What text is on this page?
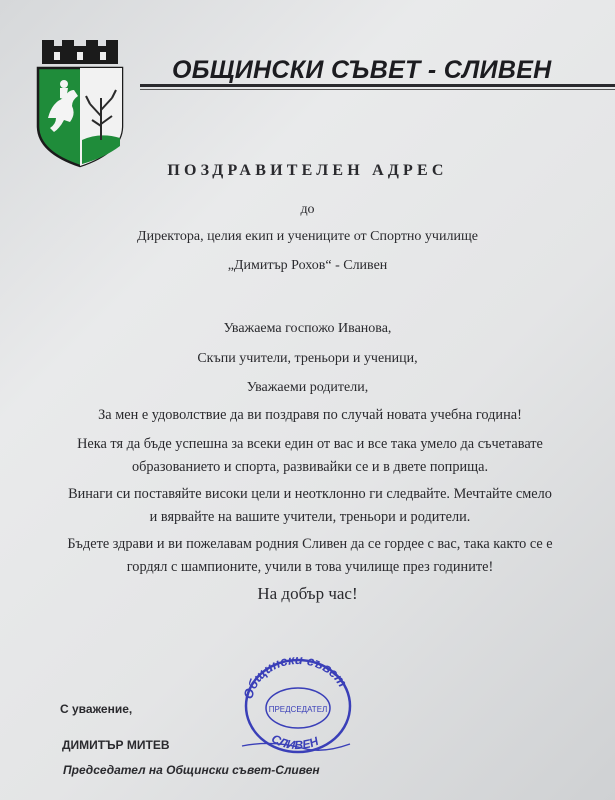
ОБЩИНСКИ СЪВЕТ - СЛИВЕН
ПОЗДРАВИТЕЛЕН АДРЕС
до
Директора, целия екип и учениците от Спортно училище
„Димитър Рохов“ - Сливен
Уважаема госпожо Иванова,
Скъпи учители, треньори и ученици,
Уважаеми родители,
За мен е удоволствие да ви поздравя по случай новата учебна година!
Нека тя да бъде успешна за всеки един от вас и все така умело да съчетавате образованието и спорта, развивайки се и в двете поприща.
Винаги си поставяйте високи цели и неотклонно ги следвайте. Мечтайте смело и вярвайте на вашите учители, треньори и родители.
Бъдете здрави и ви пожелавам родния Сливен да се гордее с вас, така както се е гордял с шампионите, учили в това училище през годините!
На добър час!
Общински съвет
ПРЕДСЕДАТЕЛ
СЛИВЕН
С уважение,
ДИМИТЪР МИТЕВ
Председател на Общински съвет-Сливен
